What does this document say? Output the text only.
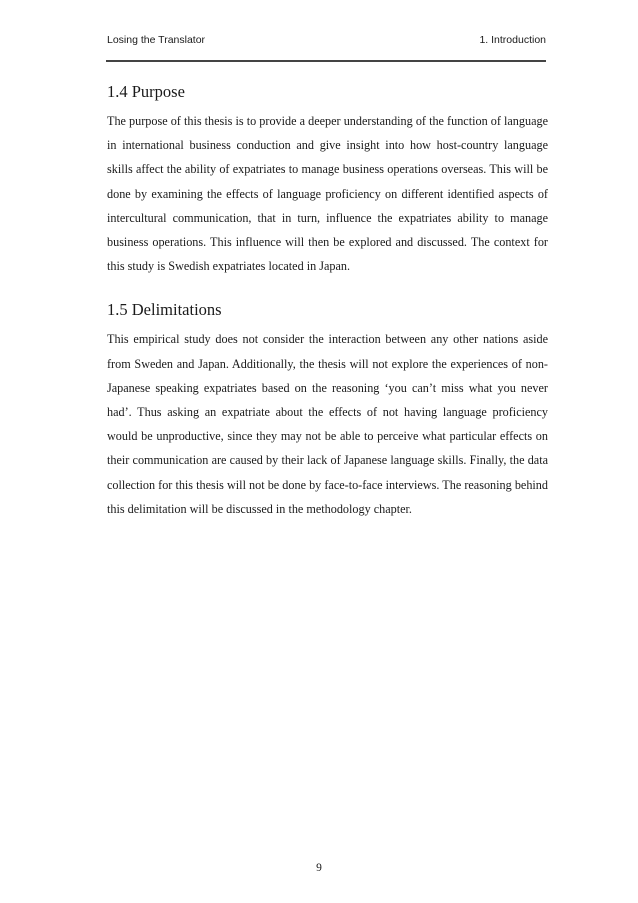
Losing the Translator	1. Introduction
1.4 Purpose

The purpose of this thesis is to provide a deeper understanding of the function of language in international business conduction and give insight into how host-country language skills affect the ability of expatriates to manage business operations overseas. This will be done by examining the effects of language proficiency on different identified aspects of intercultural communication, that in turn, influence the expatriates ability to manage business operations. This influence will then be explored and discussed. The context for this study is Swedish expatriates located in Japan.

1.5 Delimitations

This empirical study does not consider the interaction between any other nations aside from Sweden and Japan. Additionally, the thesis will not explore the experiences of non-Japanese speaking expatriates based on the reasoning ‘you can’t miss what you never had’. Thus asking an expatriate about the effects of not having language proficiency would be unproductive, since they may not be able to perceive what particular effects on their communication are caused by their lack of Japanese language skills. Finally, the data collection for this thesis will not be done by face-to-face interviews. The reasoning behind this delimitation will be discussed in the methodology chapter.

9
